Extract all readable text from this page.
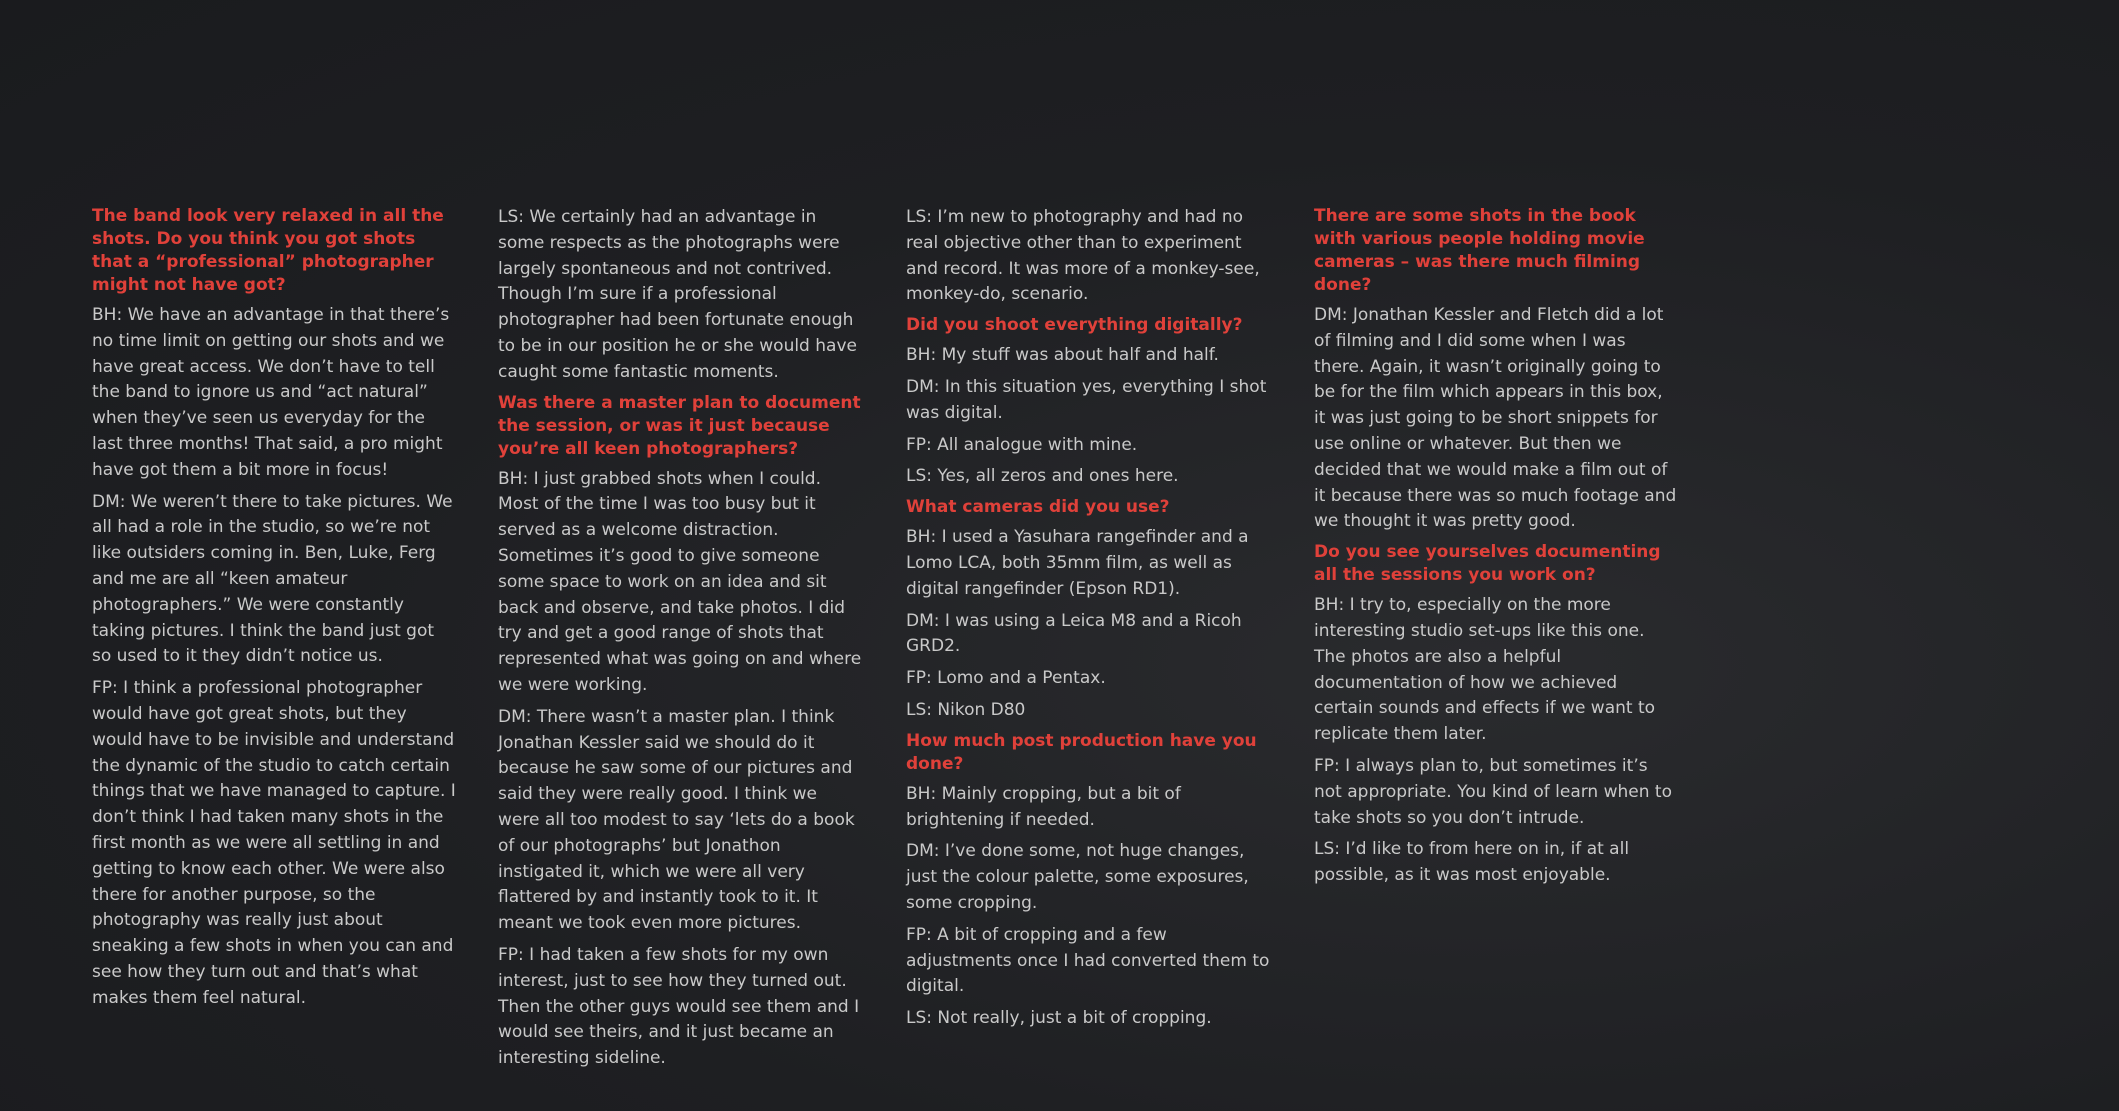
The band look very relaxed in all the shots. Do you think you got shots that a “professional” photographer might not have got?

BH: We have an advantage in that there’s no time limit on getting our shots and we have great access. We don’t have to tell the band to ignore us and “act natural” when they’ve seen us everyday for the last three months! That said, a pro might have got them a bit more in focus!

DM: We weren’t there to take pictures. We all had a role in the studio, so we’re not like outsiders coming in. Ben, Luke, Ferg and me are all “keen amateur photographers.” We were constantly taking pictures. I think the band just got so used to it they didn’t notice us.

FP: I think a professional photographer would have got great shots, but they would have to be invisible and understand the dynamic of the studio to catch certain things that we have managed to capture. I don’t think I had taken many shots in the first month as we were all settling in and getting to know each other. We were also there for another purpose, so the photography was really just about sneaking a few shots in when you can and see how they turn out and that’s what makes them feel natural.

LS: We certainly had an advantage in some respects as the photographs were largely spontaneous and not contrived. Though I’m sure if a professional photographer had been fortunate enough to be in our position he or she would have caught some fantastic moments.

Was there a master plan to document the session, or was it just because you’re all keen photographers?

BH: I just grabbed shots when I could. Most of the time I was too busy but it served as a welcome distraction. Sometimes it’s good to give someone some space to work on an idea and sit back and observe, and take photos. I did try and get a good range of shots that represented what was going on and where we were working.

DM: There wasn’t a master plan. I think Jonathan Kessler said we should do it because he saw some of our pictures and said they were really good. I think we were all too modest to say ‘lets do a book of our photographs’ but Jonathon instigated it, which we were all very flattered by and instantly took to it. It meant we took even more pictures.

FP: I had taken a few shots for my own interest, just to see how they turned out. Then the other guys would see them and I would see theirs, and it just became an interesting sideline.

LS: I’m new to photography and had no real objective other than to experiment and record. It was more of a monkey-see, monkey-do, scenario.

Did you shoot everything digitally?

BH: My stuff was about half and half.

DM: In this situation yes, everything I shot was digital.

FP: All analogue with mine.

LS: Yes, all zeros and ones here.

What cameras did you use?

BH: I used a Yasuhara rangefinder and a Lomo LCA, both 35mm film, as well as digital rangefinder (Epson RD1).

DM: I was using a Leica M8 and a Ricoh GRD2.

FP: Lomo and a Pentax.

LS: Nikon D80

How much post production have you done?

BH: Mainly cropping, but a bit of brightening if needed.

DM: I’ve done some, not huge changes, just the colour palette, some exposures, some cropping.

FP: A bit of cropping and a few adjustments once I had converted them to digital.

LS: Not really, just a bit of cropping.

There are some shots in the book with various people holding movie cameras – was there much filming done?

DM: Jonathan Kessler and Fletch did a lot of filming and I did some when I was there. Again, it wasn’t originally going to be for the film which appears in this box, it was just going to be short snippets for use online or whatever. But then we decided that we would make a film out of it because there was so much footage and we thought it was pretty good.

Do you see yourselves documenting all the sessions you work on?

BH: I try to, especially on the more interesting studio set-ups like this one. The photos are also a helpful documentation of how we achieved certain sounds and effects if we want to replicate them later.

FP: I always plan to, but sometimes it’s not appropriate. You kind of learn when to take shots so you don’t intrude.

LS: I’d like to from here on in, if at all possible, as it was most enjoyable.
